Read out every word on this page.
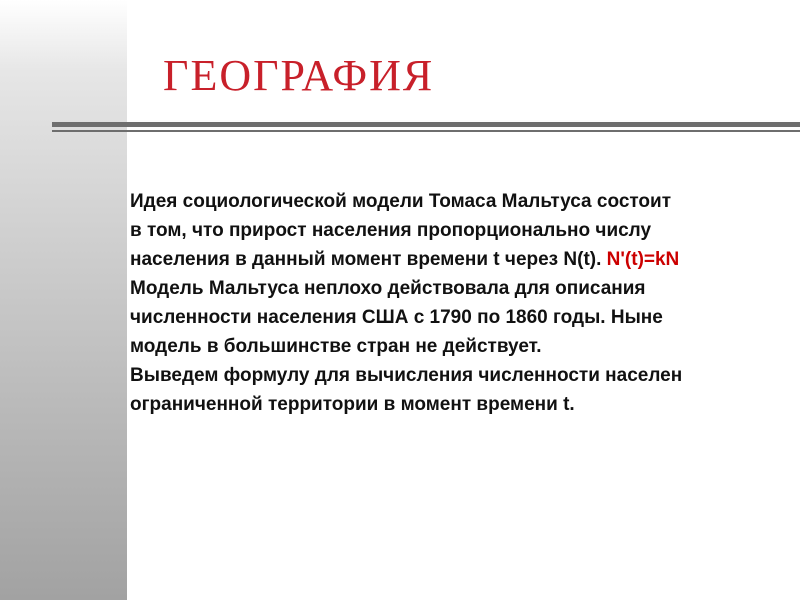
ГЕОГРАФИЯ
Идея социологической модели Томаса Мальтуса состоит
в том, что прирост населения пропорционально числу
населения в данный момент времени t через N(t). N'(t)=kN
Модель Мальтуса неплохо действовала для описания
численности населения США с 1790 по 1860 годы. Ныне
модель в большинстве стран не действует.
Выведем формулу для вычисления численности населен
ограниченной территории в момент времени t.
